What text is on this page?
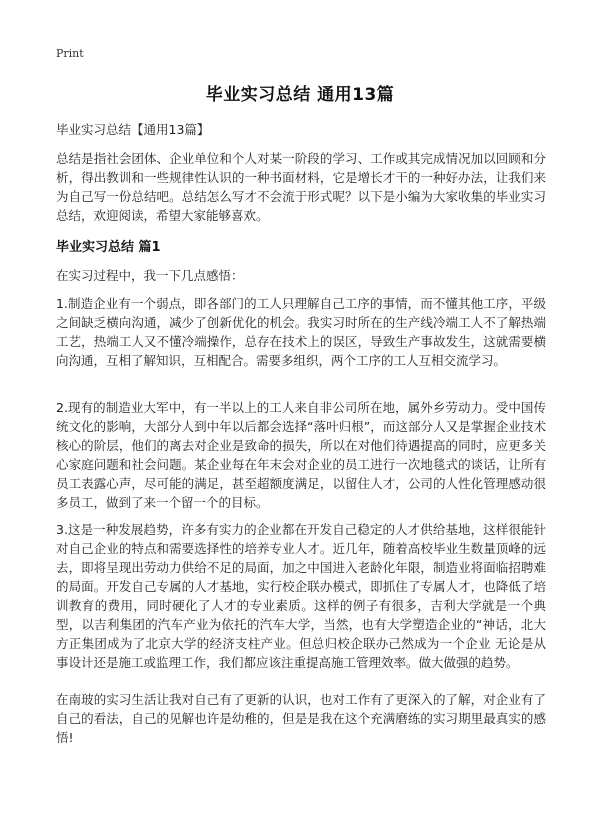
Print
毕业实习总结 通用13篇
毕业实习总结【通用13篇】

总结是指社会团体、企业单位和个人对某一阶段的学习、工作或其完成情况加以回顾和分析，得出教训和一些规律性认识的一种书面材料，它是增长才干的一种好办法，让我们来为自己写一份总结吧。总结怎么写才不会流于形式呢？以下是小编为大家收集的毕业实习总结，欢迎阅读，希望大家能够喜欢。

毕业实习总结 篇1

在实习过程中，我一下几点感悟：

1.制造企业有一个弱点，即各部门的工人只理解自己工序的事情，而不懂其他工序，平级之间缺乏横向沟通，减少了创新优化的机会。我实习时所在的生产线冷端工人不了解热端工艺，热端工人又不懂冷端操作，总存在技术上的误区，导致生产事故发生，这就需要横向沟通，互相了解知识，互相配合。需要多组织，两个工序的工人互相交流学习。

2.现有的制造业大军中，有一半以上的工人来自非公司所在地，属外乡劳动力。受中国传统文化的影响，大部分人到中年以后都会选择“落叶归根”，而这部分人又是掌握企业技术核心的阶层，他们的离去对企业是致命的损失，所以在对他们待遇提高的同时，应更多关心家庭问题和社会问题。某企业每在年末会对企业的员工进行一次地毯式的谈话，让所有员工表露心声，尽可能的满足，甚至超额度满足，以留住人才，公司的人性化管理感动很多员工，做到了来一个留一个的目标。

3.这是一种发展趋势，许多有实力的企业都在开发自己稳定的人才供给基地，这样很能针对自己企业的特点和需要选择性的培养专业人才。近几年，随着高校毕业生数量顶峰的远去，即将呈现出劳动力供给不足的局面，加之中国进入老龄化年限，制造业将面临招聘难的局面。开发自己专属的人才基地，实行校企联办模式，即抓住了专属人才，也降低了培训教育的费用，同时硬化了人才的专业素质。这样的例子有很多，吉利大学就是一个典型，以吉利集团的汽车产业为依托的汽车大学，当然，也有大学塑造企业的“神话，北大方正集团成为了北京大学的经济支柱产业。但总归校企联办己然成为一个企业 无论是从事设计还是施工或监理工作，我们都应该注重提高施工管理效率。做大做强的趋势。

在南玻的实习生活让我对自己有了更新的认识，也对工作有了更深入的了解，对企业有了自己的看法，自己的见解也许是幼稚的，但是是我在这个充满磨练的实习期里最真实的感悟!
